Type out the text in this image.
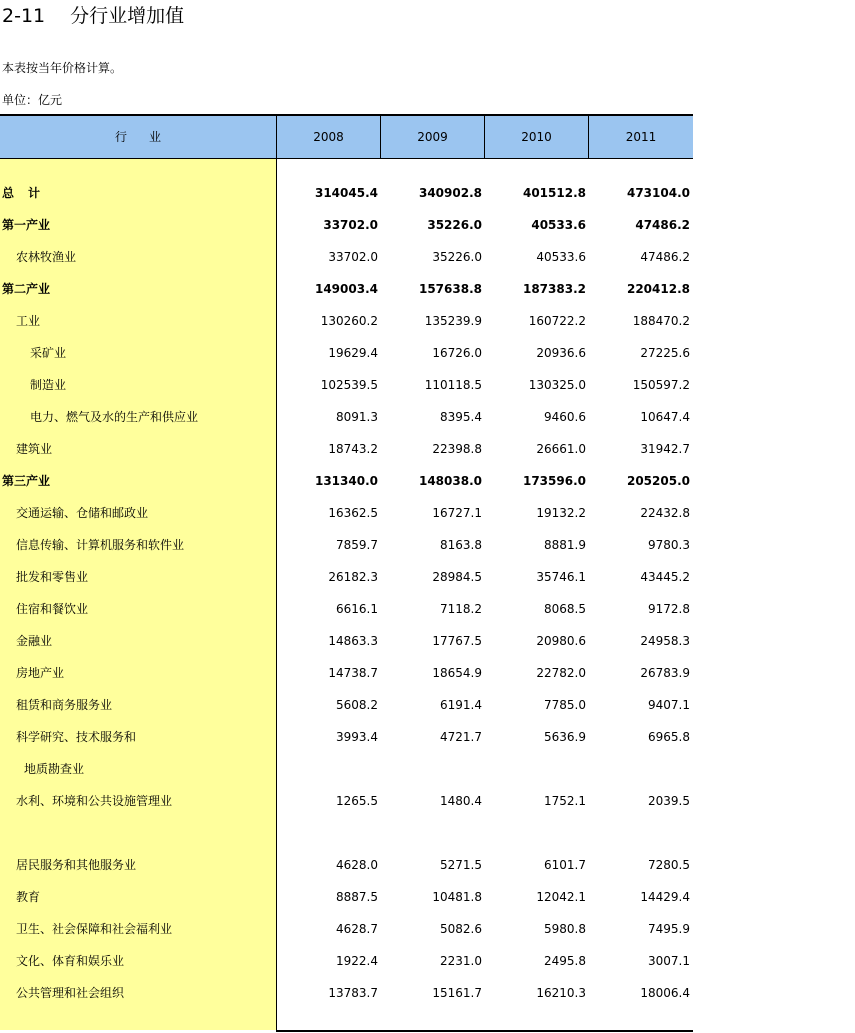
2-11　 分行业增加值
本表按当年价格计算。
单位：亿元
行业	2008	2009	2010	2011
总计	314045.4	340902.8	401512.8	473104.0
第一产业	33702.0	35226.0	40533.6	47486.2
农林牧渔业	33702.0	35226.0	40533.6	47486.2
第二产业	149003.4	157638.8	187383.2	220412.8
工业	130260.2	135239.9	160722.2	188470.2
采矿业	19629.4	16726.0	20936.6	27225.6
制造业	102539.5	110118.5	130325.0	150597.2
电力、燃气及水的生产和供应业	8091.3	8395.4	9460.6	10647.4
建筑业	18743.2	22398.8	26661.0	31942.7
第三产业	131340.0	148038.0	173596.0	205205.0
交通运输、仓储和邮政业	16362.5	16727.1	19132.2	22432.8
信息传输、计算机服务和软件业	7859.7	8163.8	8881.9	9780.3
批发和零售业	26182.3	28984.5	35746.1	43445.2
住宿和餐饮业	6616.1	7118.2	8068.5	9172.8
金融业	14863.3	17767.5	20980.6	24958.3
房地产业	14738.7	18654.9	22782.0	26783.9
租赁和商务服务业	5608.2	6191.4	7785.0	9407.1
科学研究、技术服务和	3993.4	4721.7	5636.9	6965.8
地质勘查业
水利、环境和公共设施管理业	1265.5	1480.4	1752.1	2039.5
居民服务和其他服务业	4628.0	5271.5	6101.7	7280.5
教育	8887.5	10481.8	12042.1	14429.4
卫生、社会保障和社会福利业	4628.7	5082.6	5980.8	7495.9
文化、体育和娱乐业	1922.4	2231.0	2495.8	3007.1
公共管理和社会组织	13783.7	15161.7	16210.3	18006.4
